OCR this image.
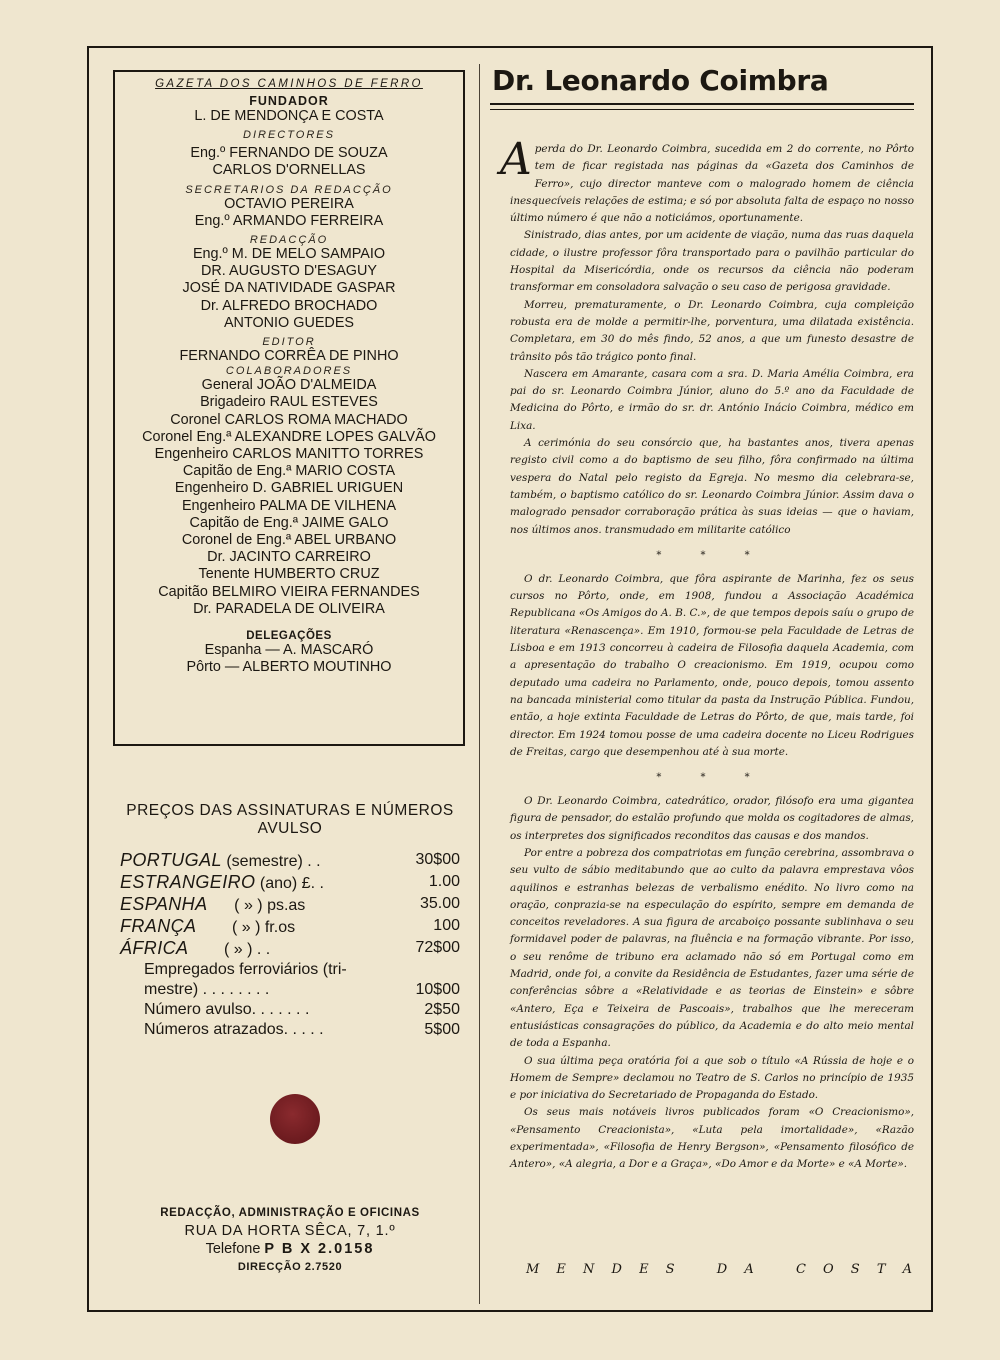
GAZETA DOS CAMINHOS DE FERRO
FUNDADOR
L. DE MENDONÇA E COSTA
DIRECTORES
Eng.º FERNANDO DE SOUZA
CARLOS D'ORNELLAS
SECRETARIOS DA REDACÇÃO
OCTAVIO PEREIRA
Eng.º ARMANDO FERREIRA
REDACÇÃO
Eng.º M. DE MELO SAMPAIO
DR. AUGUSTO D'ESAGUY
JOSÉ DA NATIVIDADE GASPAR
Dr. ALFREDO BROCHADO
ANTONIO GUEDES
EDITOR
FERNANDO CORRÊA DE PINHO
COLABORADORES
General JOÃO D'ALMEIDA
Brigadeiro RAUL ESTEVES
Coronel CARLOS ROMA MACHADO
Coronel Eng.ª ALEXANDRE LOPES GALVÃO
Engenheiro CARLOS MANITTO TORRES
Capitão de Eng.ª MARIO COSTA
Engenheiro D. GABRIEL URIGUEN
Engenheiro PALMA DE VILHENA
Capitão de Eng.ª JAIME GALO
Coronel de Eng.ª ABEL URBANO
Dr. JACINTO CARREIRO
Tenente HUMBERTO CRUZ
Capitão BELMIRO VIEIRA FERNANDES
Dr. PARADELA DE OLIVEIRA
DELEGAÇÕES
Espanha — A. MASCARÓ
Pôrto — ALBERTO MOUTINHO
PREÇOS DAS ASSINATURAS E NÚMEROS AVULSO
PORTUGAL (semestre) . .	30$00
ESTRANGEIRO (ano) £. .	1.00
ESPANHA      ( » ) ps.as	35.00
FRANÇA        ( » ) fr.os	100
ÁFRICA        ( » ) . .	72$00
Empregados ferroviários (tri-
mestre) . . . . . . . .	10$00
Número avulso. . . . . . .	2$50
Números atrazados. . . . .	5$00
REDACÇÃO, ADMINISTRAÇÃO E OFICINAS
RUA DA HORTA SÊCA, 7, 1.º
Telefone P B X 2.0158
DIRECÇÃO 2.7520
Dr. Leonardo Coimbra

Aperda do Dr. Leonardo Coimbra, sucedida em 2 do corrente, no Pôrto tem de ficar registada nas páginas da «Gazeta dos Caminhos de Ferro», cujo director manteve com o malogrado homem de ciência inesquecíveis relações de estima; e só por absoluta falta de espaço no nosso último número é que não a noticiámos, oportunamente.

Sinistrado, dias antes, por um acidente de viação, numa das ruas daquela cidade, o ilustre professor fôra transportado para o pavilhão particular do Hospital da Misericórdia, onde os recursos da ciência não poderam transformar em consoladora salvação o seu caso de perigosa gravidade.

Morreu, prematuramente, o Dr. Leonardo Coimbra, cuja compleição robusta era de molde a permitir-lhe, porventura, uma dilatada existência. Completara, em 30 do mês findo, 52 anos, a que um funesto desastre de trânsito pôs tão trágico ponto final.

Nascera em Amarante, casara com a sra. D. Maria Amélia Coimbra, era pai do sr. Leonardo Coimbra Júnior, aluno do 5.º ano da Faculdade de Medicina do Pôrto, e irmão do sr. dr. António Inácio Coimbra, médico em Lixa.

A cerimónia do seu consórcio que, ha bastantes anos, tivera apenas registo civil como a do baptismo de seu filho, fôra confirmado na última vespera do Natal pelo registo da Egreja. No mesmo dia celebrara-se, também, o baptismo católico do sr. Leonardo Coimbra Júnior. Assim dava o malogrado pensador corraboração prática às suas ideias — que o haviam, nos últimos anos. transmudado em militarite católico

* * *

O dr. Leonardo Coimbra, que fôra aspirante de Marinha, fez os seus cursos no Pôrto, onde, em 1908, fundou a Associação Académica Republicana «Os Amigos do A. B. C.», de que tempos depois saíu o grupo de literatura «Renascença». Em 1910, formou-se pela Faculdade de Letras de Lisboa e em 1913 concorreu à cadeira de Filosofia daquela Academia, com a apresentação do trabalho O creacionismo. Em 1919, ocupou como deputado uma cadeira no Parlamento, onde, pouco depois, tomou assento na bancada ministerial como titular da pasta da Instrução Pública. Fundou, então, a hoje extinta Faculdade de Letras do Pôrto, de que, mais tarde, foi director. Em 1924 tomou posse de uma cadeira docente no Liceu Rodrigues de Freitas, cargo que desempenhou até à sua morte.

* * *

O Dr. Leonardo Coimbra, catedrático, orador, filósofo era uma gigantea figura de pensador, do estalão profundo que molda os cogitadores de almas, os interpretes dos significados reconditos das causas e dos mandos.

Por entre a pobreza dos compatriotas em função cerebrina, assombrava o seu vulto de sábio meditabundo que ao culto da palavra emprestava vôos aquilinos e estranhas belezas de verbalismo enédito. No livro como na oração, conprazia-se na especulação do espírito, sempre em demanda de conceitos reveladores. A sua figura de arcaboiço possante sublinhava o seu formidavel poder de palavras, na fluência e na formação vibrante. Por isso, o seu renôme de tribuno era aclamado não só em Portugal como em Madrid, onde foi, a convite da Residência de Estudantes, fazer uma série de conferências sôbre a «Relatividade e as teorias de Einstein» e sôbre «Antero, Eça e Teixeira de Pascoais», trabalhos que lhe mereceram entusiásticas consagrações do público, da Academia e do alto meio mental de toda a Espanha.

O sua última peça oratória foi a que sob o título «A Rússia de hoje e o Homem de Sempre» declamou no Teatro de S. Carlos no princípio de 1935 e por iniciativa do Secretariado de Propaganda do Estado.

Os seus mais notáveis livros publicados foram «O Creacionismo», «Pensamento Creacionista», «Luta pela imortalidade», «Razão experimentada», «Filosofia de Henry Bergson», «Pensamento filosófico de Antero», «A alegria, a Dor e a Graça», «Do Amor e da Morte» e «A Morte».

M E N D E S	D A	C O S T A
